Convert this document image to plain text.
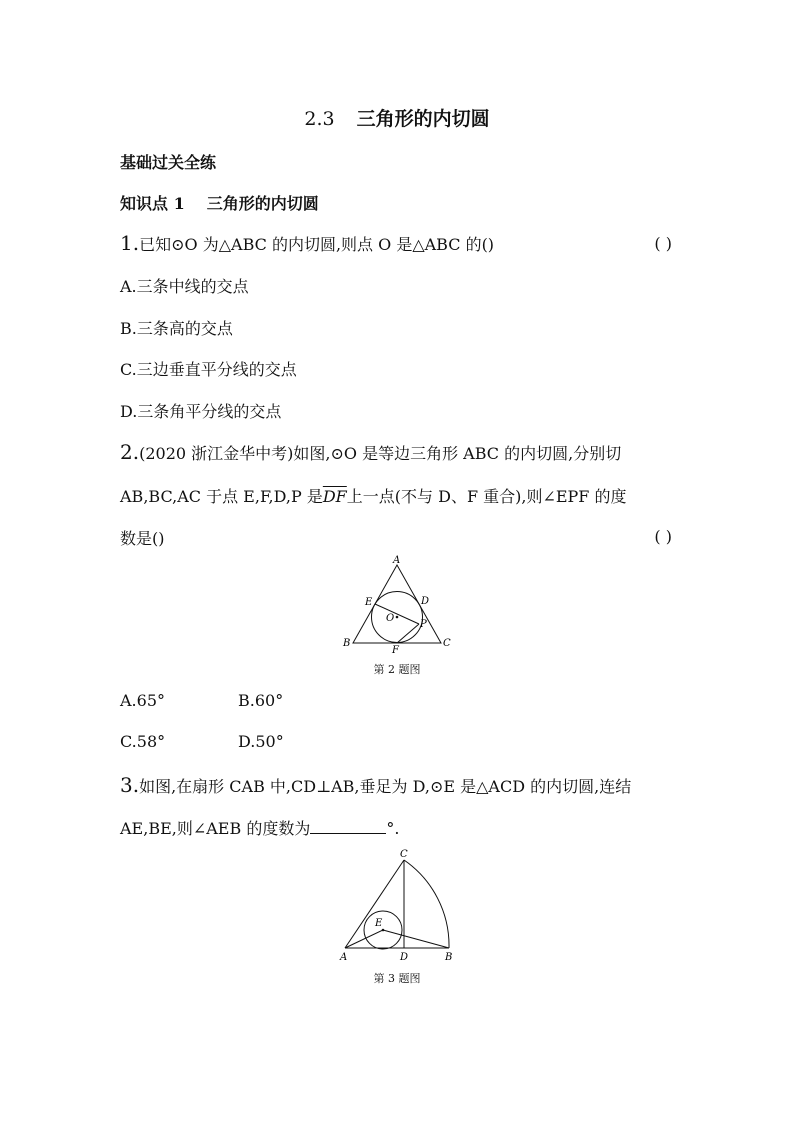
2.3 三角形的内切圆
基础过关全练
知识点 1 三角形的内切圆
1.已知⊙O 为△ABC 的内切圆,则点 O 是△ABC 的()	( )
A.三条中线的交点
B.三条高的交点
C.三边垂直平分线的交点
D.三条角平分线的交点
2.(2020 浙江金华中考)如图,⊙O 是等边三角形 ABC 的内切圆,分别切
AB,BC,AC 于点 E,F,D,P 是$\overline{DF}$上一点(不与 D、F 重合),则∠EPF 的度
数是()	( )
A
B	C
D
E
F
O
P
第 2 题图
A.65°	B.60°
C.58°	D.50°
3.如图,在扇形 CAB 中,CD⊥AB,垂足为 D,⊙E 是△ACD 的内切圆,连结
AE,BE,则∠AEB 的度数为	°.
C
A	D	B
E
第 3 题图
